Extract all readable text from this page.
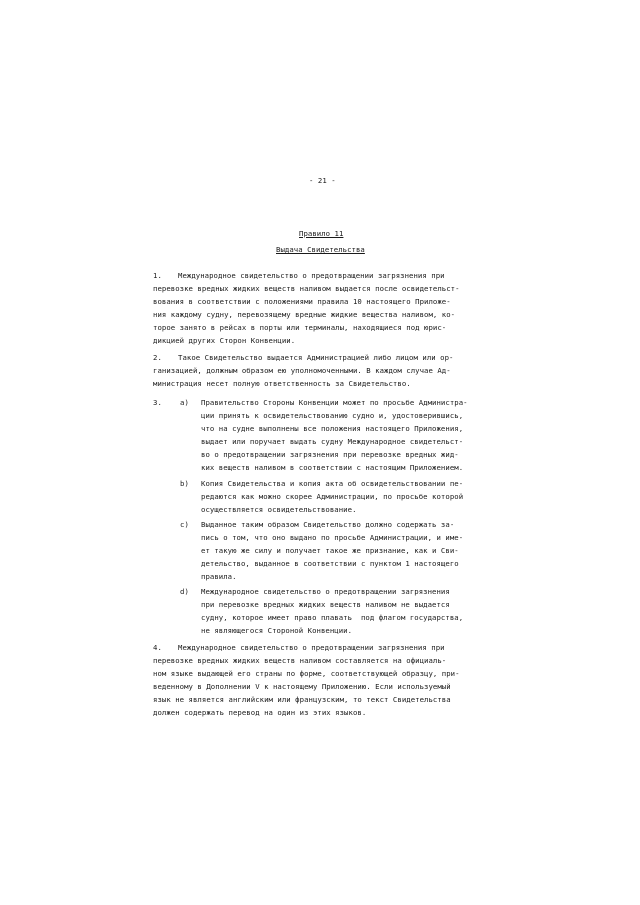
- 21 -
Правило 11
Выдача Свидетельства
1. Международное свидетельство о предотвращении загрязнения при
перевозке вредных жидких веществ наливом выдается после освидетельст-
вования в соответствии с положениями правила 10 настоящего Приложе-
ния каждому судну, перевозящему вредные жидкие вещества наливом, ко-
торое занято в рейсах в порты или терминалы, находящиеся под юрис-
дикцией других Сторон Конвенции.
2. Такое Свидетельство выдается Администрацией либо лицом или ор-
ганизацией, должным образом ею уполномоченными. В каждом случае Ад-
министрация несет полную ответственность за Свидетельство.
3. a) Правительство Стороны Конвенции может по просьбе Администра-
ции принять к освидетельствованию судно и, удостоверившись,
что на судне выполнены все положения настоящего Приложения,
выдает или поручает выдать судну Международное свидетельст-
во о предотвращении загрязнения при перевозке вредных жид-
ких веществ наливом в соответствии с настоящим Приложением.
b) Копия Свидетельства и копия акта об освидетельствовании пе-
редаются как можно скорее Администрации, по просьбе которой
осуществляется освидетельствование.
c) Выданное таким образом Свидетельство должно содержать за-
пись о том, что оно выдано по просьбе Администрации, и име-
ет такую же силу и получает такое же признание, как и Сви-
детельство, выданное в соответствии с пунктом 1 настоящего
правила.
d) Международное свидетельство о предотвращении загрязнения
при перевозке вредных жидких веществ наливом не выдается
судну, которое имеет право плавать  под флагом государства,
не являющегося Стороной Конвенции.
4. Международное свидетельство о предотвращении загрязнения при
перевозке вредных жидких веществ наливом составляется на официаль-
ном языке выдающей его страны по форме, соответствующей образцу, при-
веденному в Дополнении V к настоящему Приложению. Если используемый
язык не является английским или французским, то текст Свидетельства
должен содержать перевод на один из этих языков.
